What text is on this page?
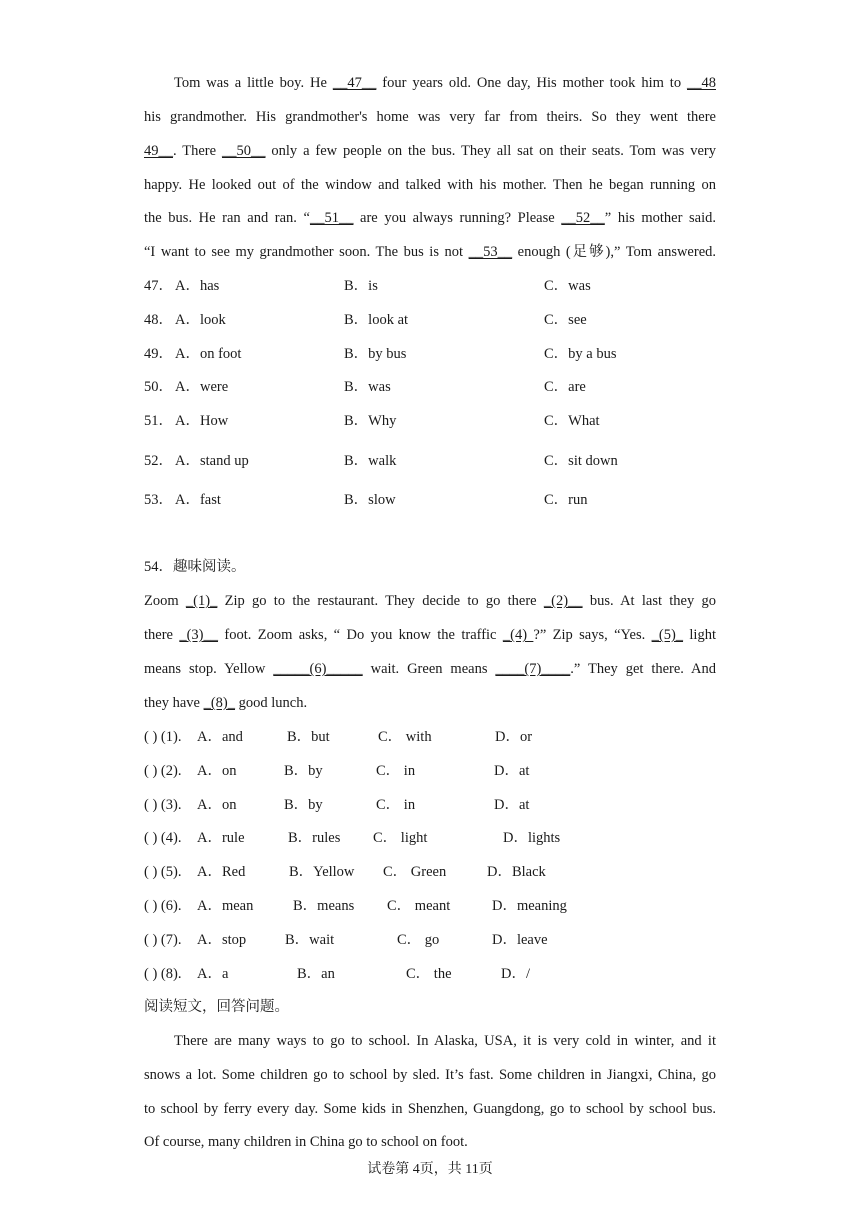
Tom was a little boy. He __47__ four years old. One day, His mother took him to __48
his grandmother. His grandmother's home was very far from theirs. So they went there
49__. There __50__ only a few people on the bus. They all sat on their seats. Tom was very
happy. He looked out of the window and talked with his mother. Then he began running on
the bus. He ran and ran. “__51__ are you always running? Please __52__” his mother said.
“I want to see my grandmother soon. The bus is not __53__ enough (足够),” Tom answered.
47． A．has	B．is	C．was
48． A．look	B．look at	C．see
49． A．on foot	B．by bus	C．by a bus
50． A．were	B．was	C．are
51． A．How	B．Why	C．What
52． A．stand up	B．walk	C．sit down
53． A．fast	B．slow	C．run
54．趣味阅读。
Zoom _(1)_ Zip go to the restaurant. They decide to go there _(2)__ bus. At last they go
there _(3)__ foot. Zoom asks, “ Do you know the traffic _(4) ?” Zip says, “Yes. _(5)_ light
means stop. Yellow _____(6)_____ wait. Green means ____(7)____.” They get there. And
they have _(8)_ good lunch.
( ) (1). A．and	B．but	C． with	D．or
( ) (2). A．on	B．by	C． in	D．at
( ) (3). A．on	B．by	C． in	D．at
( ) (4). A．rule	B．rules C． light	D．lights
( ) (5). A．Red	B．Yellow C． Green	D．Black
( ) (6). A．mean	B．means C． meant	D．meaning
( ) (7). A．stop	B．wait	C． go	D．leave
( ) (8). A．a	B．an	C． the	D．/
阅读短文，回答问题。
There are many ways to go to school. In Alaska, USA, it is very cold in winter, and it
snows a lot. Some children go to school by sled. It’s fast. Some children in Jiangxi, China, go
to school by ferry every day. Some kids in Shenzhen, Guangdong, go to school by school bus.
Of course, many children in China go to school on foot.
试卷第 4页，共 11页
